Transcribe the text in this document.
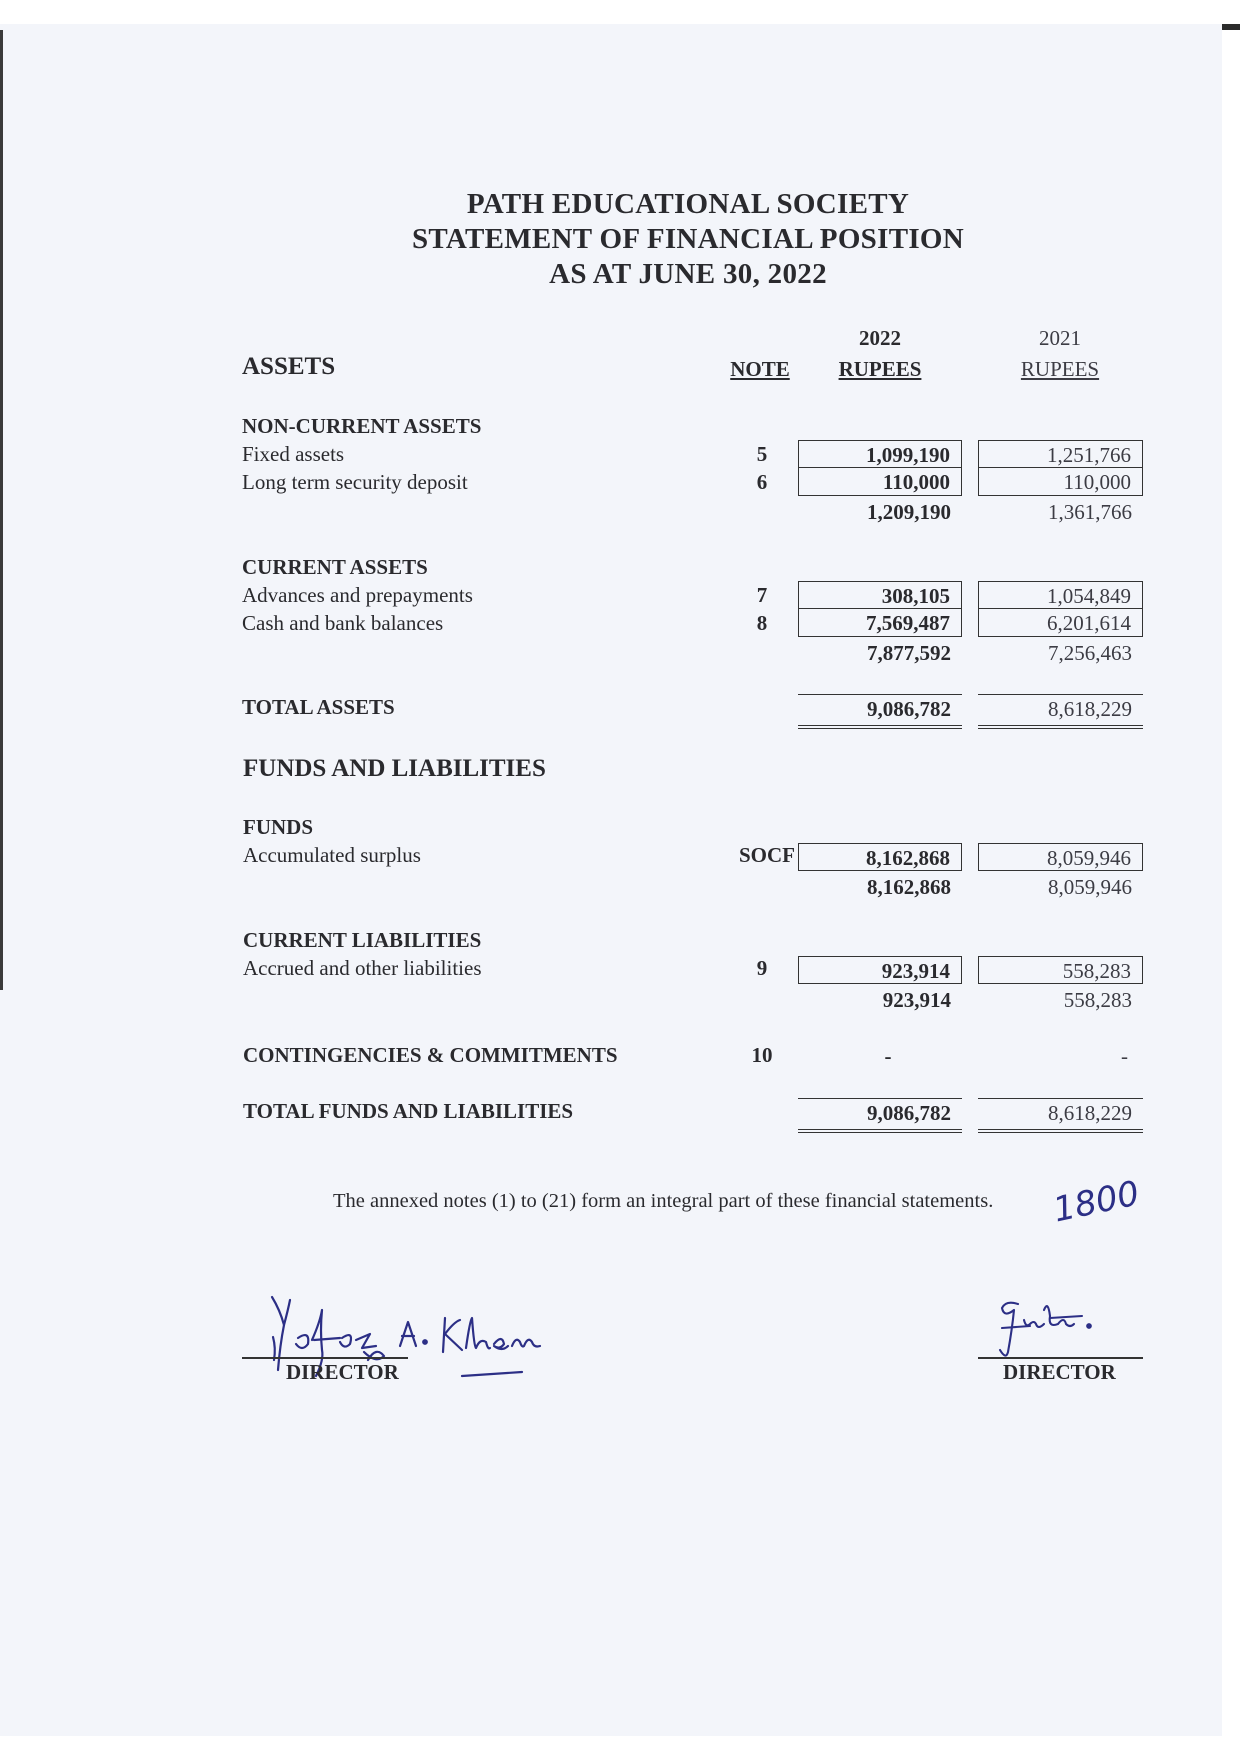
PATH EDUCATIONAL SOCIETY
STATEMENT OF FINANCIAL POSITION
AS AT JUNE 30, 2022
2022	2021
ASSETS	NOTE	RUPEES	RUPEES
NON-CURRENT ASSETS
Fixed assets	5	1,099,190	1,251,766
Long term security deposit	6	110,000	110,000
1,209,190	1,361,766
CURRENT ASSETS
Advances and prepayments	7	308,105	1,054,849
Cash and bank balances	8	7,569,487	6,201,614
7,877,592	7,256,463
TOTAL ASSETS	9,086,782	8,618,229
FUNDS AND LIABILITIES
FUNDS
Accumulated surplus	SOCF	8,162,868	8,059,946
8,162,868	8,059,946
CURRENT LIABILITIES
Accrued and other liabilities	9	923,914	558,283
923,914	558,283
CONTINGENCIES & COMMITMENTS	10	-	-
TOTAL FUNDS AND LIABILITIES	9,086,782	8,618,229
The annexed notes (1) to (21) form an integral part of these financial statements. 1800
DIRECTOR	DIRECTOR
